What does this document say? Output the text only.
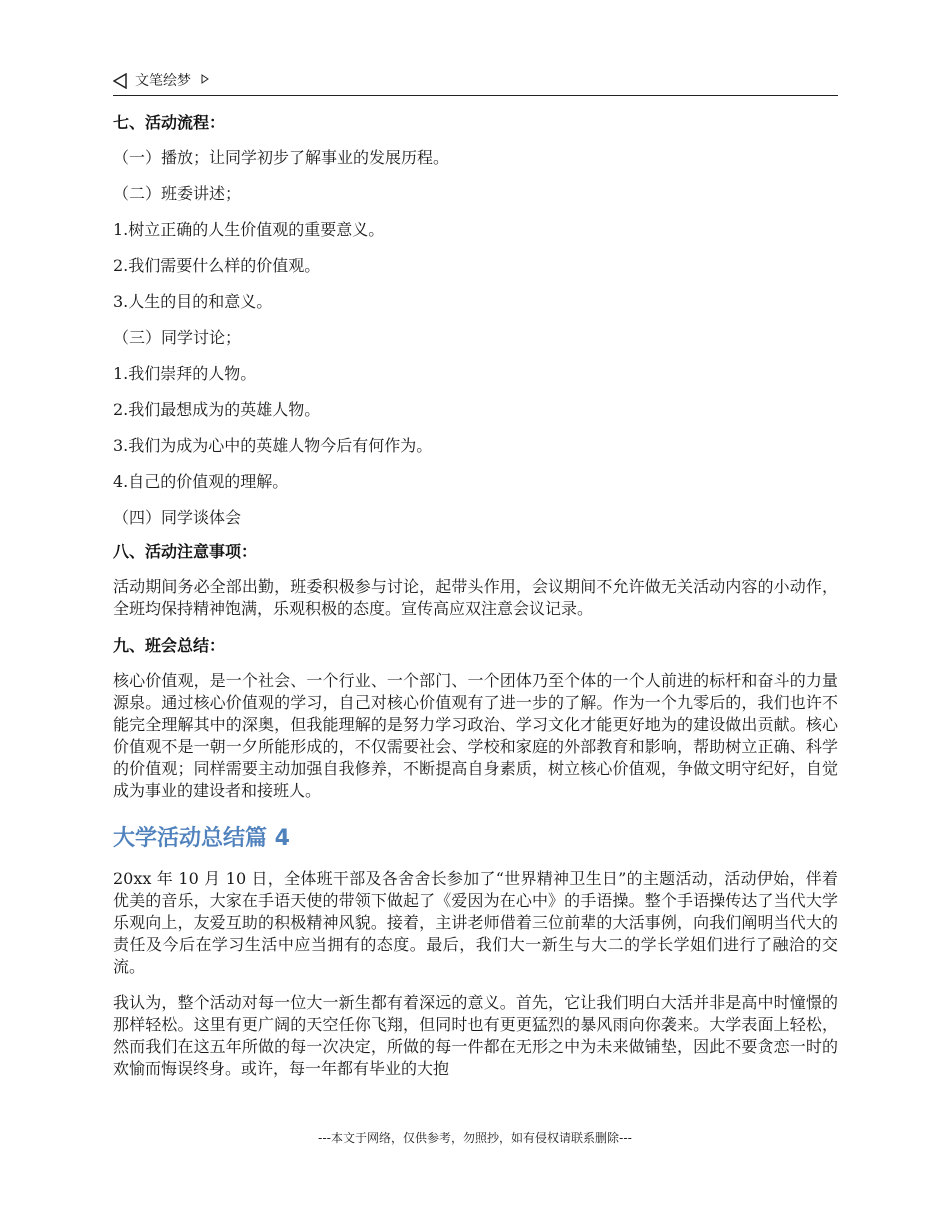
文笔绘梦

七、活动流程：

（一）播放；让同学初步了解事业的发展历程。

（二）班委讲述；

1.树立正确的人生价值观的重要意义。

2.我们需要什么样的价值观。

3.人生的目的和意义。

（三）同学讨论；

1.我们崇拜的人物。

2.我们最想成为的英雄人物。

3.我们为成为心中的英雄人物今后有何作为。

4.自己的价值观的理解。

（四）同学谈体会

八、活动注意事项：

活动期间务必全部出勤，班委积极参与讨论，起带头作用，会议期间不允许做无关活动内容的小动作，全班均保持精神饱满，乐观积极的态度。宣传高应双注意会议记录。

九、班会总结：

核心价值观，是一个社会、一个行业、一个部门、一个团体乃至个体的一个人前进的标杆和奋斗的力量源泉。通过核心价值观的学习，自己对核心价值观有了进一步的了解。作为一个九零后的，我们也许不能完全理解其中的深奥，但我能理解的是努力学习政治、学习文化才能更好地为的建设做出贡献。核心价值观不是一朝一夕所能形成的，不仅需要社会、学校和家庭的外部教育和影响，帮助树立正确、科学的价值观；同样需要主动加强自我修养，不断提高自身素质，树立核心价值观，争做文明守纪好，自觉成为事业的建设者和接班人。

大学活动总结篇 4

20xx 年 10 月 10 日，全体班干部及各舍舍长参加了“世界精神卫生日”的主题活动，活动伊始，伴着优美的音乐，大家在手语天使的带领下做起了《爱因为在心中》的手语操。整个手语操传达了当代大学乐观向上，友爱互助的积极精神风貌。接着，主讲老师借着三位前辈的大活事例，向我们阐明当代大的责任及今后在学习生活中应当拥有的态度。最后，我们大一新生与大二的学长学姐们进行了融洽的交流。

我认为，整个活动对每一位大一新生都有着深远的意义。首先，它让我们明白大活并非是高中时憧憬的那样轻松。这里有更广阔的天空任你飞翔，但同时也有更更猛烈的暴风雨向你袭来。大学表面上轻松，然而我们在这五年所做的每一次决定，所做的每一件都在无形之中为未来做铺垫，因此不要贪恋一时的欢愉而悔误终身。或许，每一年都有毕业的大抱

---本文于网络，仅供参考，勿照抄，如有侵权请联系删除---
